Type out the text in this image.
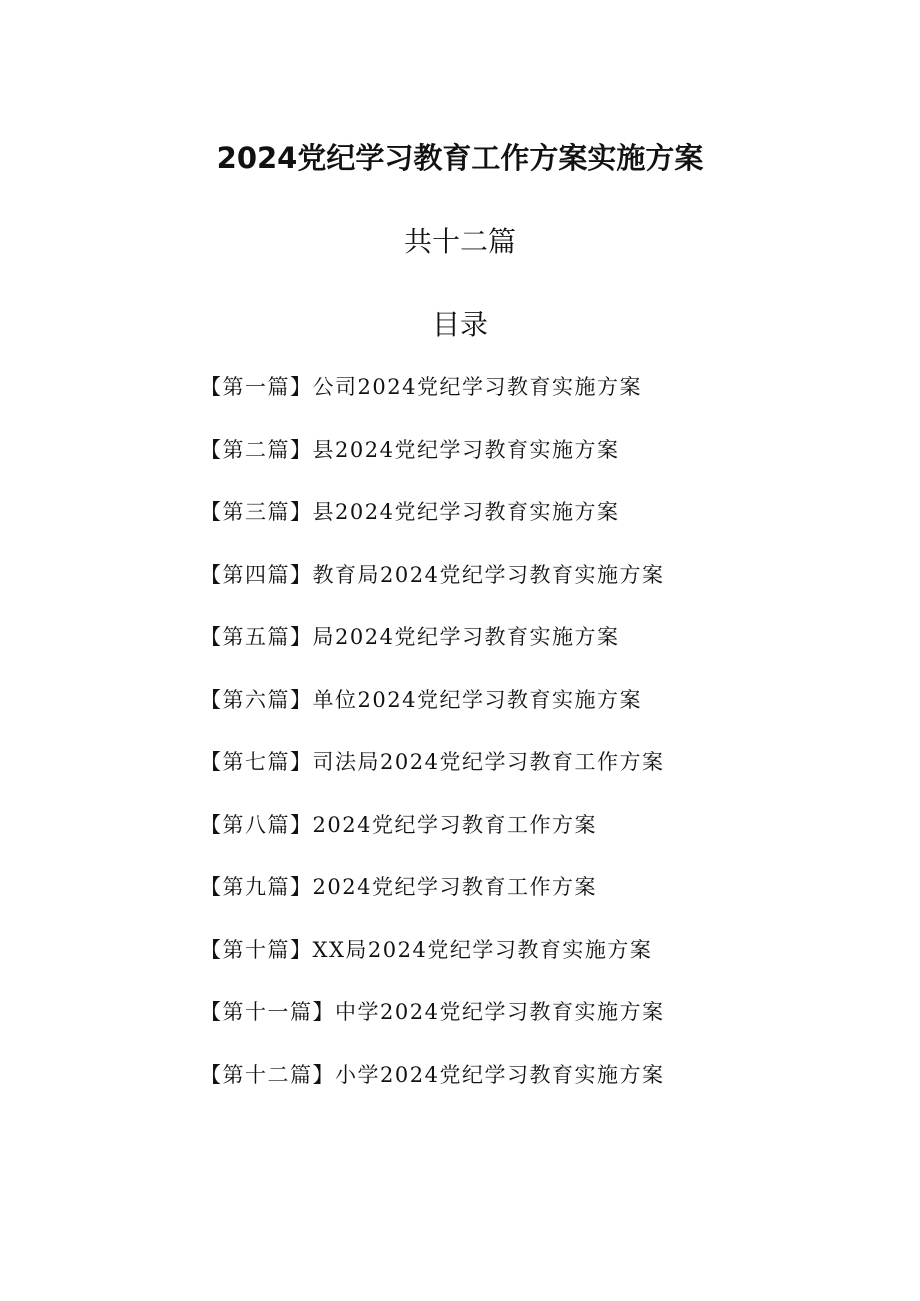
2024党纪学习教育工作方案实施方案
共十二篇
目录
【第一篇】公司2024党纪学习教育实施方案
【第二篇】县2024党纪学习教育实施方案
【第三篇】县2024党纪学习教育实施方案
【第四篇】教育局2024党纪学习教育实施方案
【第五篇】局2024党纪学习教育实施方案
【第六篇】单位2024党纪学习教育实施方案
【第七篇】司法局2024党纪学习教育工作方案
【第八篇】2024党纪学习教育工作方案
【第九篇】2024党纪学习教育工作方案
【第十篇】XX局2024党纪学习教育实施方案
【第十一篇】中学2024党纪学习教育实施方案
【第十二篇】小学2024党纪学习教育实施方案
